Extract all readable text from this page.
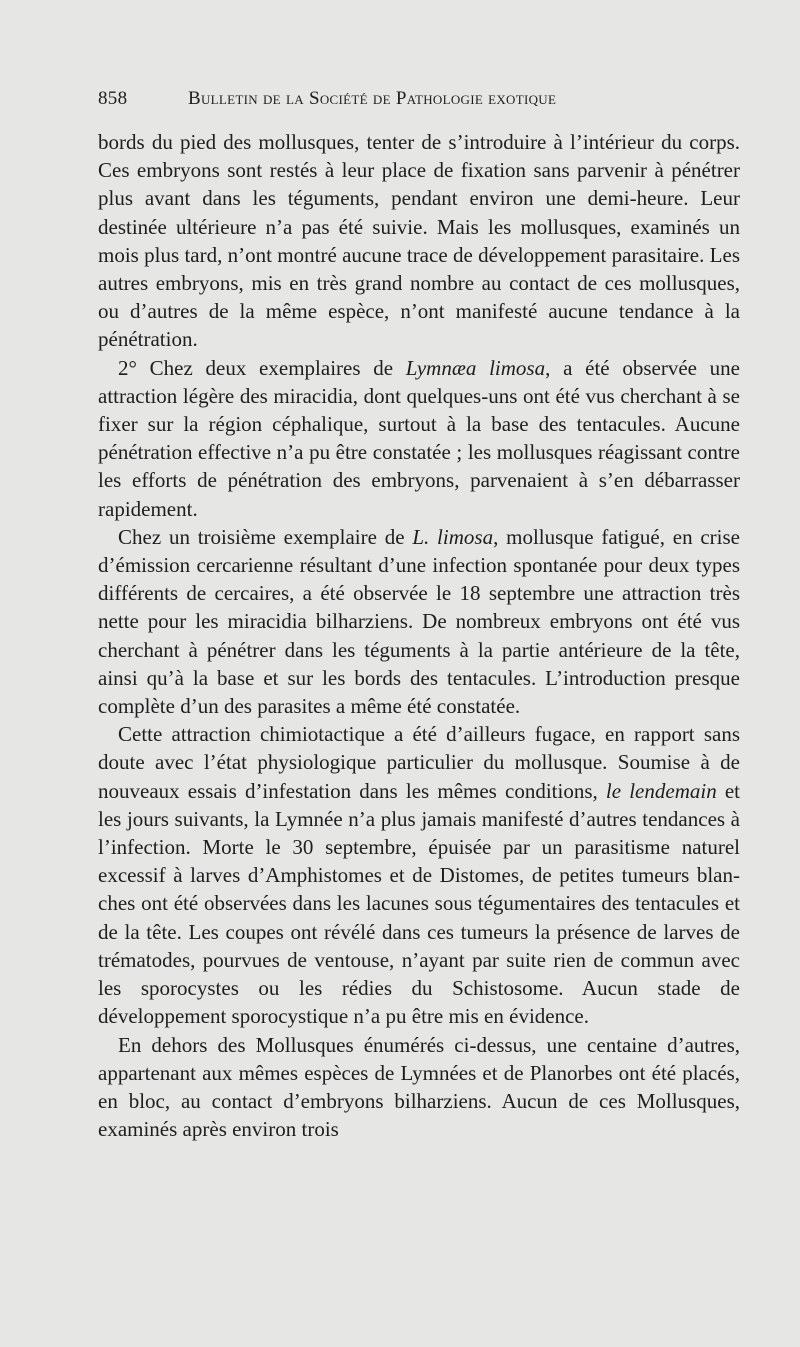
858	Bulletin de la Société de Pathologie exotique

bords du pied des mollusques, tenter de s’introduire à l’intérieur du corps. Ces embryons sont restés à leur place de fixation sans parvenir à pénétrer plus avant dans les téguments, pendant environ une demi-heure. Leur destinée ultérieure n’a pas été suivie. Mais les mollusques, examinés un mois plus tard, n’ont montré aucune trace de développement parasitaire. Les autres embryons, mis en très grand nombre au contact de ces mollusques, ou d’autres de la même espèce, n’ont manifesté aucune tendance à la pénétration.

2° Chez deux exemplaires de Lymnæa limosa, a été observée une attraction légère des miracidia, dont quelques-uns ont été vus cherchant à se fixer sur la région céphalique, surtout à la base des tentacules. Aucune pénétration effective n’a pu être constatée ; les mollusques réagissant contre les efforts de pénétration des embryons, parvenaient à s’en débarrasser rapidement.

Chez un troisième exemplaire de L. limosa, mollusque fatigué, en crise d’émission cercarienne résultant d’une infection spontanée pour deux types différents de cercaires, a été observée le 18 septembre une attraction très nette pour les miracidia bilharziens. De nombreux embryons ont été vus cherchant à pénétrer dans les téguments à la partie antérieure de la tête, ainsi qu’à la base et sur les bords des tentacules. L’introduction presque complète d’un des parasites a même été constatée.

Cette attraction chimiotactique a été d’ailleurs fugace, en rapport sans doute avec l’état physiologique particulier du mollusque. Soumise à de nouveaux essais d’infestation dans les mêmes conditions, le lendemain et les jours suivants, la Lymnée n’a plus jamais manifesté d’autres tendances à l’infection. Morte le 30 septembre, épuisée par un parasitisme naturel excessif à larves d’Amphistomes et de Distomes, de petites tumeurs blanches ont été observées dans les lacunes sous tégumentaires des tentacules et de la tête. Les coupes ont révélé dans ces tumeurs la présence de larves de trématodes, pourvues de ventouse, n’ayant par suite rien de commun avec les sporocystes ou les rédies du Schistosome. Aucun stade de développement sporocystique n’a pu être mis en évidence.

En dehors des Mollusques énumérés ci-dessus, une centaine d’autres, appartenant aux mêmes espèces de Lymnées et de Planorbes ont été placés, en bloc, au contact d’embryons bilharziens. Aucun de ces Mollusques, examinés après environ trois
